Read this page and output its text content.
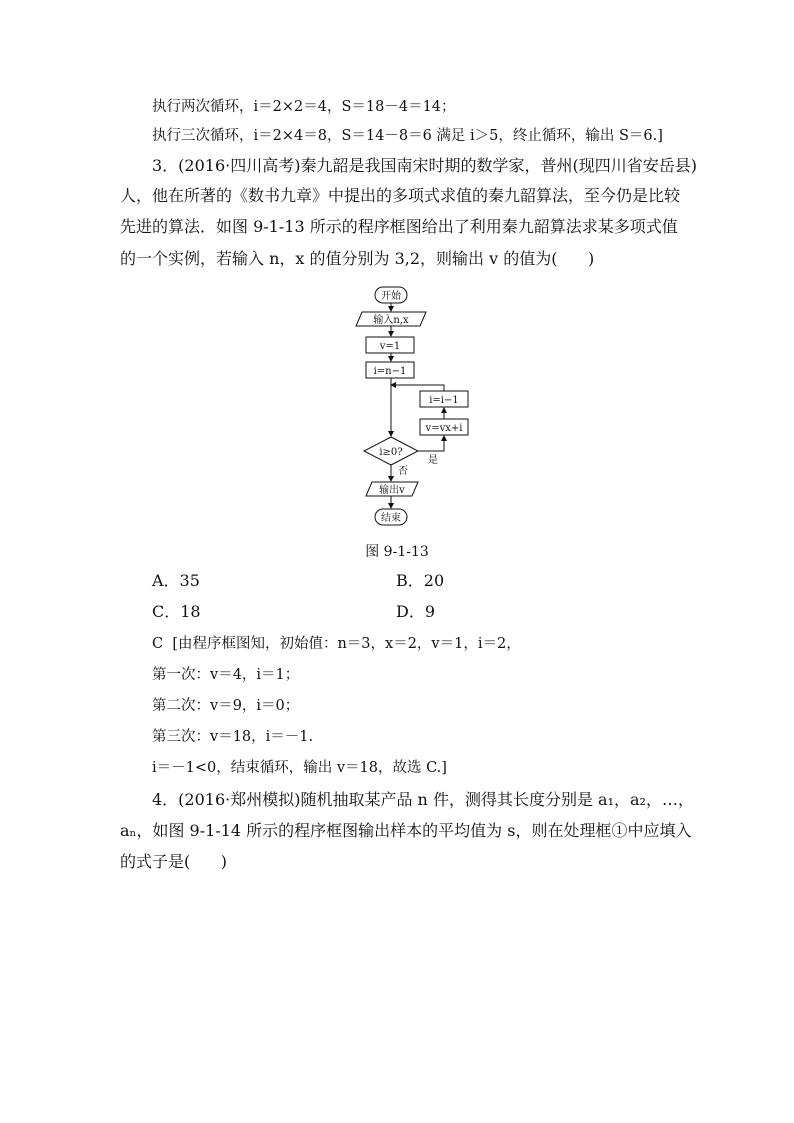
执行两次循环，i＝2×2＝4，S＝18－4＝14；
执行三次循环，i＝2×4＝8，S＝14－8＝6 满足 i＞5，终止循环，输出 S＝6.]
3．(2016·四川高考)秦九韶是我国南宋时期的数学家，普州(现四川省安岳县)
人，他在所著的《数书九章》中提出的多项式求值的秦九韶算法，至今仍是比较
先进的算法．如图 9-1-13 所示的程序框图给出了利用秦九韶算法求某多项式值
的一个实例，若输入 n，x 的值分别为 3,2，则输出 v 的值为(      )
开始
输入n,x
v=1
i=n−1
i=i−1
v=vx+i
i≥0?
是
否
输出v
结束
图 9-1-13
A．35	B．20
C．18	D．9
C  [由程序框图知，初始值：n＝3，x＝2，v＝1，i＝2，
第一次：v＝4，i＝1；
第二次：v＝9，i＝0；
第三次：v＝18，i＝－1.
i＝－1<0，结束循环，输出 v＝18，故选 C.]
4．(2016·郑州模拟)随机抽取某产品 n 件，测得其长度分别是 a₁，a₂，…，
aₙ，如图 9-1-14 所示的程序框图输出样本的平均值为 s，则在处理框①中应填入
的式子是(      )
